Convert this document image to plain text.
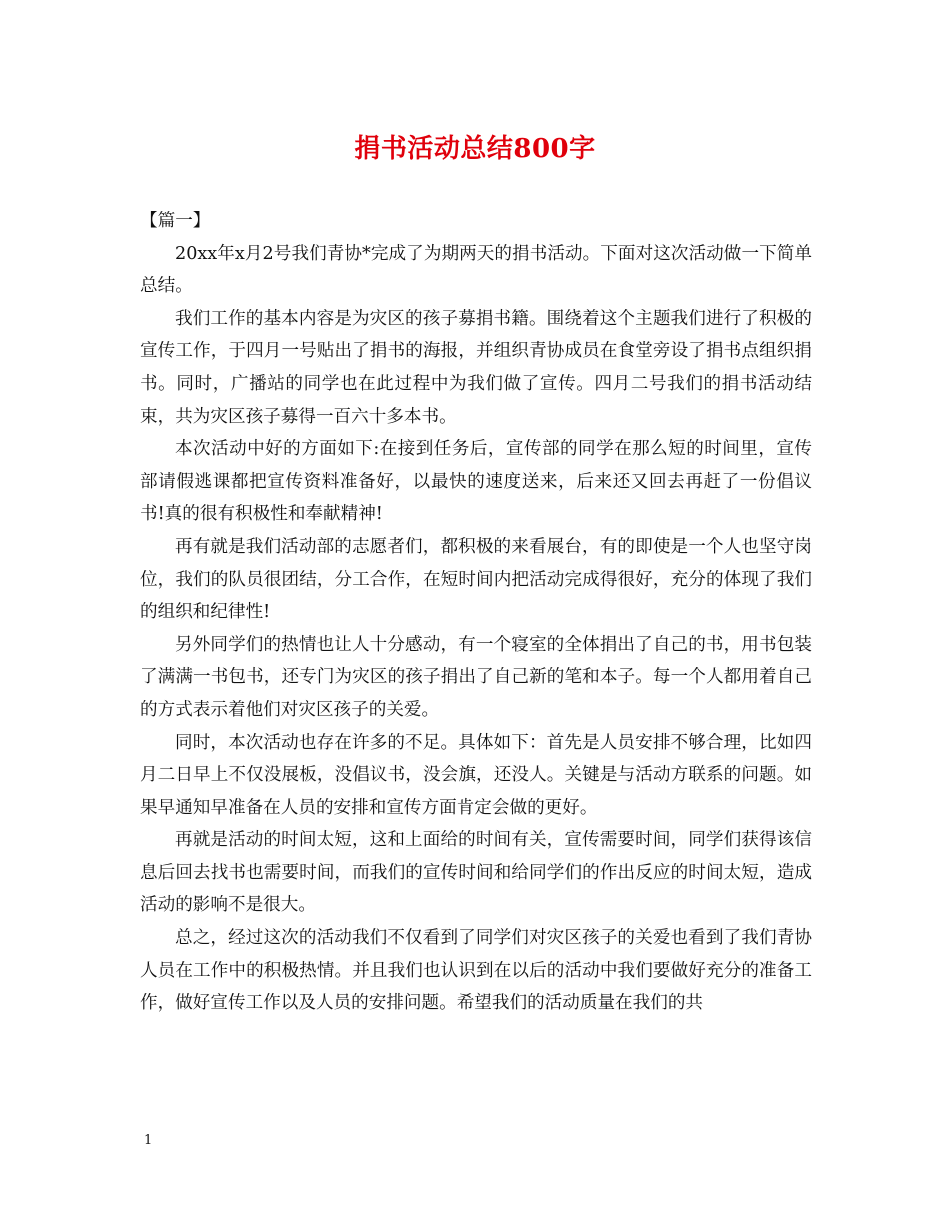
捐书活动总结800字

【篇一】

20xx年x月2号我们青协*完成了为期两天的捐书活动。下面对这次活动做一下简单总结。

我们工作的基本内容是为灾区的孩子募捐书籍。围绕着这个主题我们进行了积极的宣传工作，于四月一号贴出了捐书的海报，并组织青协成员在食堂旁设了捐书点组织捐书。同时，广播站的同学也在此过程中为我们做了宣传。四月二号我们的捐书活动结束，共为灾区孩子募得一百六十多本书。

本次活动中好的方面如下:在接到任务后，宣传部的同学在那么短的时间里，宣传部请假逃课都把宣传资料准备好，以最快的速度送来，后来还又回去再赶了一份倡议书!真的很有积极性和奉献精神!

再有就是我们活动部的志愿者们，都积极的来看展台，有的即使是一个人也坚守岗位，我们的队员很团结，分工合作，在短时间内把活动完成得很好，充分的体现了我们的组织和纪律性!

另外同学们的热情也让人十分感动，有一个寝室的全体捐出了自己的书，用书包装了满满一书包书，还专门为灾区的孩子捐出了自己新的笔和本子。每一个人都用着自己的方式表示着他们对灾区孩子的关爱。

同时，本次活动也存在许多的不足。具体如下：首先是人员安排不够合理，比如四月二日早上不仅没展板，没倡议书，没会旗，还没人。关键是与活动方联系的问题。如果早通知早准备在人员的安排和宣传方面肯定会做的更好。

再就是活动的时间太短，这和上面给的时间有关，宣传需要时间，同学们获得该信息后回去找书也需要时间，而我们的宣传时间和给同学们的作出反应的时间太短，造成活动的影响不是很大。

总之，经过这次的活动我们不仅看到了同学们对灾区孩子的关爱也看到了我们青协人员在工作中的积极热情。并且我们也认识到在以后的活动中我们要做好充分的准备工作，做好宣传工作以及人员的安排问题。希望我们的活动质量在我们的共

1
